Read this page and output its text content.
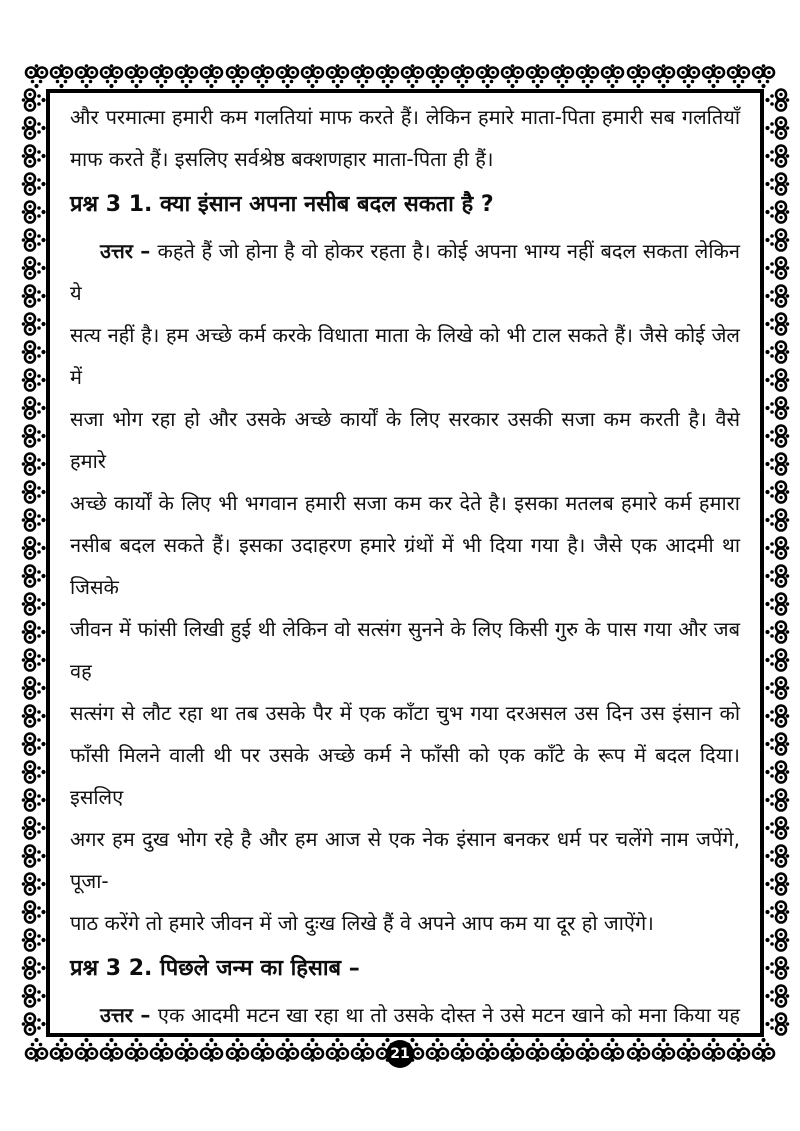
और परमात्मा हमारी कम गलतियां माफ करते हैं। लेकिन हमारे माता-पिता हमारी सब गलतियाँ
माफ करते हैं। इसलिए सर्वश्रेष्ठ बक्शणहार माता-पिता ही हैं।
प्रश्न 3 1. क्या इंसान अपना नसीब बदल सकता है ?
उत्तर – कहते हैं जो होना है वो होकर रहता है। कोई अपना भाग्य नहीं बदल सकता लेकिन ये
सत्य नहीं है। हम अच्छे कर्म करके विधाता माता के लिखे को भी टाल सकते हैं। जैसे कोई जेल में
सजा भोग रहा हो और उसके अच्छे कार्यों के लिए सरकार उसकी सजा कम करती है। वैसे हमारे
अच्छे कार्यों के लिए भी भगवान हमारी सजा कम कर देते है। इसका मतलब हमारे कर्म हमारा
नसीब बदल सकते हैं। इसका उदाहरण हमारे ग्रंथों में भी दिया गया है। जैसे एक आदमी था जिसके
जीवन में फांसी लिखी हुई थी लेकिन वो सत्संग सुनने के लिए किसी गुरु के पास गया और जब वह
सत्संग से लौट रहा था तब उसके पैर में एक काँटा चुभ गया दरअसल उस दिन उस इंसान को
फाँसी मिलने वाली थी पर उसके अच्छे कर्म ने फाँसी को एक काँटे के रूप में बदल दिया। इसलिए
अगर हम दुख भोग रहे है और हम आज से एक नेक इंसान बनकर धर्म पर चलेंगे नाम जपेंगे, पूजा-
पाठ करेंगे तो हमारे जीवन में जो दुःख लिखे हैं वे अपने आप कम या दूर हो जाऐंगे।
प्रश्न 3 2. पिछले जन्म का हिसाब –
उत्तर – एक आदमी मटन खा रहा था तो उसके दोस्त ने उसे मटन खाने को मना किया यह
21
